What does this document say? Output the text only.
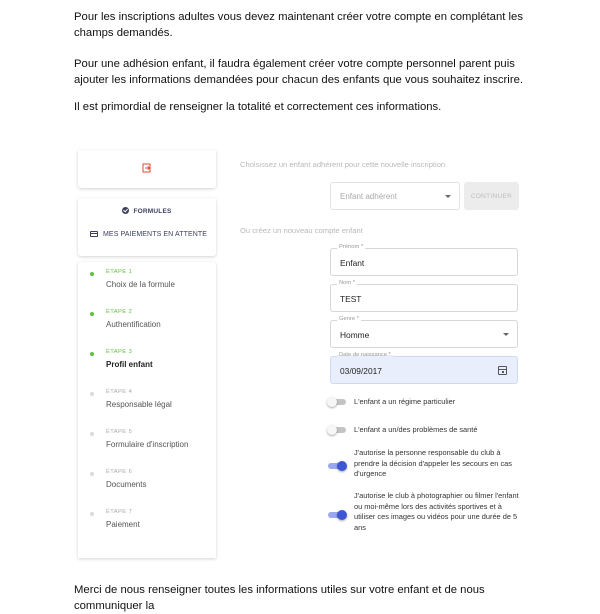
Pour les inscriptions adultes vous devez maintenant créer votre compte en complétant les champs demandés.
Pour une adhésion enfant, il faudra également créer votre compte personnel parent puis ajouter les informations demandées pour chacun des enfants que vous souhaitez inscrire.
Il est primordial de renseigner la totalité et correctement ces informations.
FORMULES
MES PAIEMENTS EN ATTENTE
ÉTAPE 1
Choix de la formule
ÉTAPE 2
Authentification
ÉTAPE 3
Profil enfant
ÉTAPE 4
Responsable légal
ÉTAPE 5
Formulaire d'inscription
ÉTAPE 6
Documents
ÉTAPE 7
Paiement
Choisissez un enfant adhérent pour cette nouvelle inscription
Enfant adhérent	CONTINUER
Ou créez un nouveau compte enfant
Prénom *
Enfant
Nom *
TEST
Genre *
Homme
Date de naissance *
03/09/2017
L'enfant a un régime particulier
L'enfant a un/des problèmes de santé
J'autorise la personne responsable du club à prendre la décision d'appeler les secours en cas d'urgence
J'autorise le club à photographier ou filmer l'enfant ou moi-même lors des activités sportives et à utiliser ces images ou vidéos pour une durée de 5 ans
Merci de nous renseigner toutes les informations utiles sur votre enfant et de nous communiquer la
